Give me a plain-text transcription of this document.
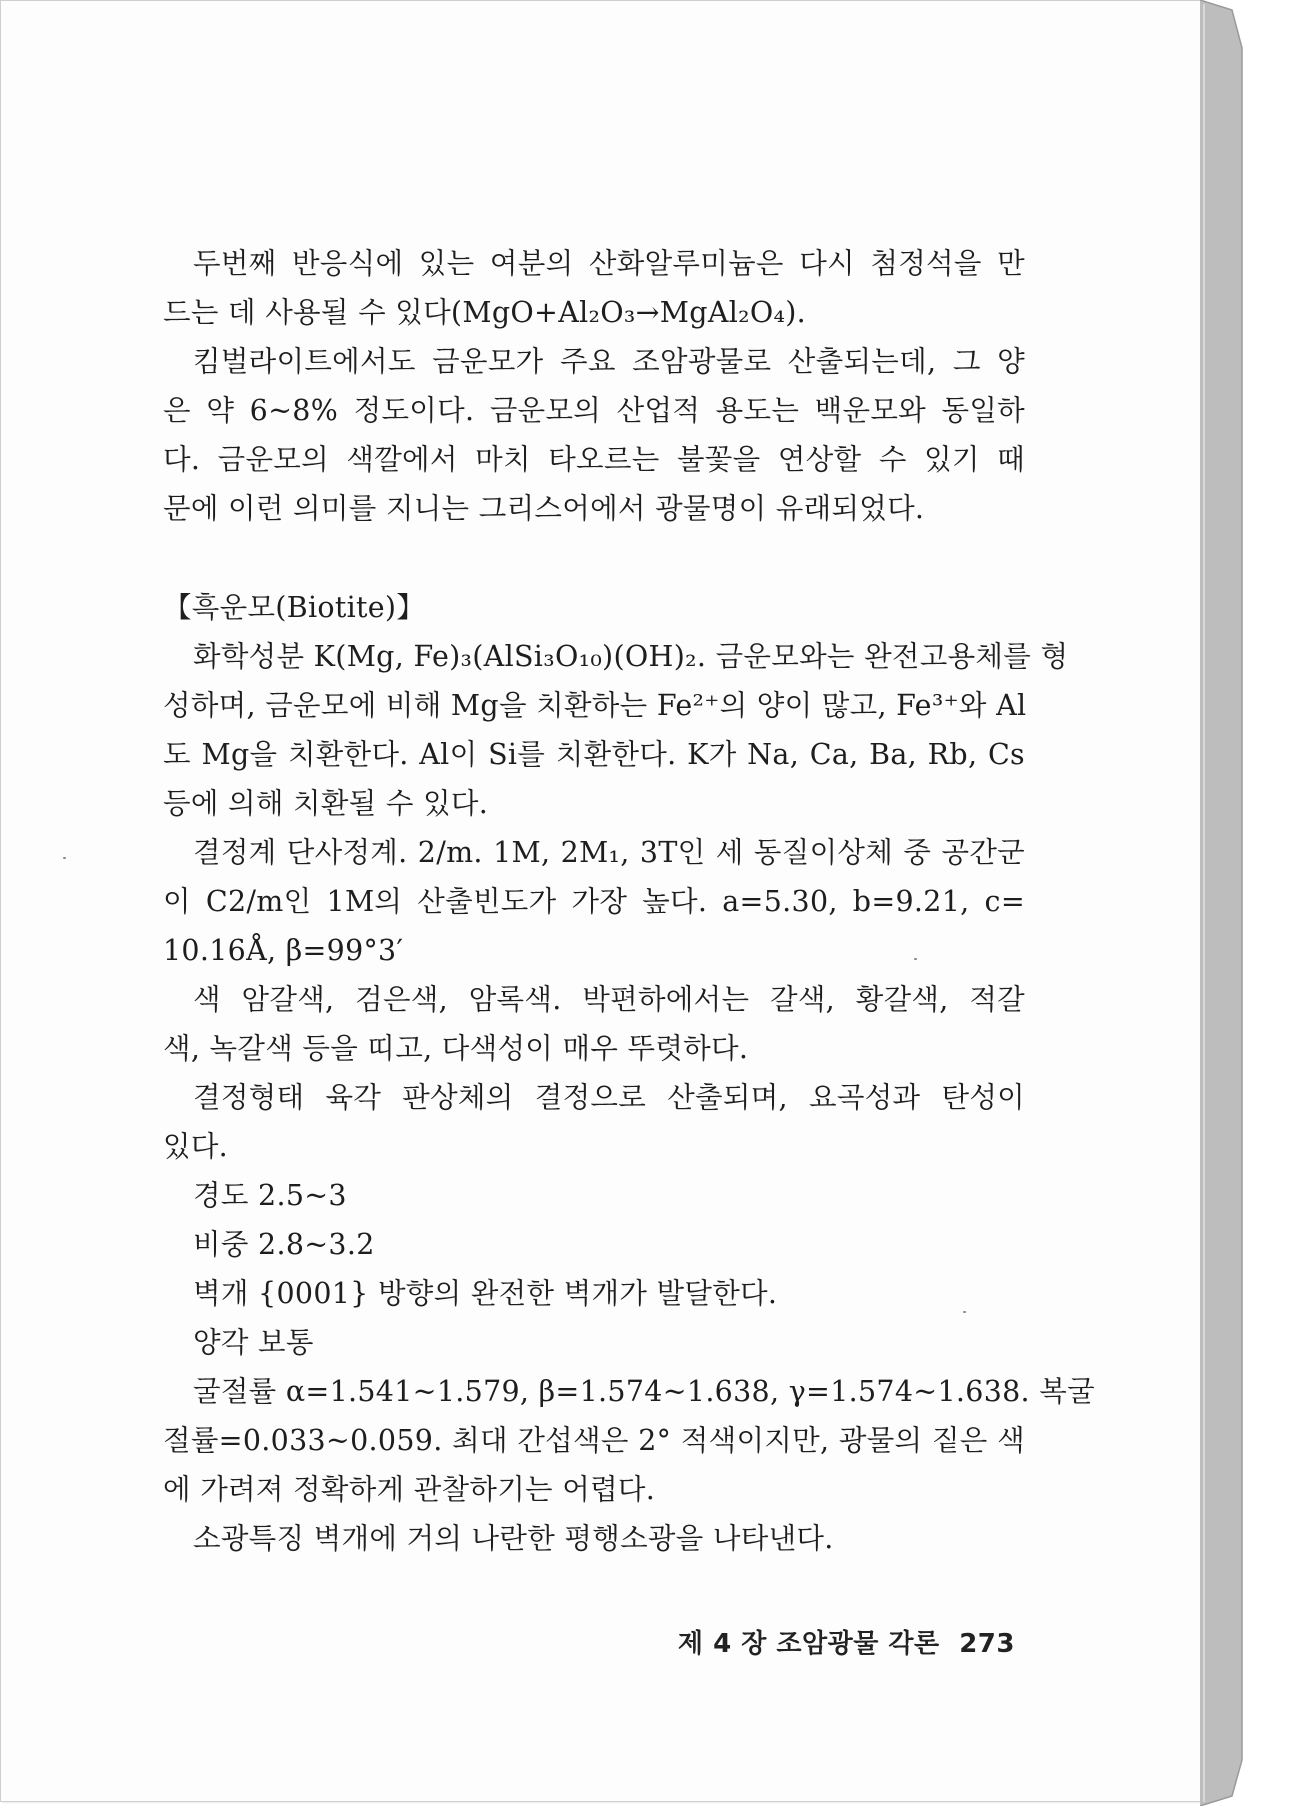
두번째 반응식에 있는 여분의 산화알루미늄은 다시 첨정석을 만
드는 데 사용될 수 있다(MgO+Al₂O₃→MgAl₂O₄).
킴벌라이트에서도 금운모가 주요 조암광물로 산출되는데, 그 양
은 약 6~8% 정도이다. 금운모의 산업적 용도는 백운모와 동일하
다. 금운모의 색깔에서 마치 타오르는 불꽃을 연상할 수 있기 때
문에 이런 의미를 지니는 그리스어에서 광물명이 유래되었다.
【흑운모(Biotite)】
화학성분 K(Mg, Fe)₃(AlSi₃O₁₀)(OH)₂. 금운모와는 완전고용체를 형
성하며, 금운모에 비해 Mg을 치환하는 Fe²⁺의 양이 많고, Fe³⁺와 Al
도 Mg을 치환한다. Al이 Si를 치환한다. K가 Na, Ca, Ba, Rb, Cs
등에 의해 치환될 수 있다.
결정계 단사정계. 2/m. 1M, 2M₁, 3T인 세 동질이상체 중 공간군
이 C2/m인 1M의 산출빈도가 가장 높다. a=5.30, b=9.21, c=
10.16Å, β=99°3′
색 암갈색, 검은색, 암록색. 박편하에서는 갈색, 황갈색, 적갈
색, 녹갈색 등을 띠고, 다색성이 매우 뚜렷하다.
결정형태 육각 판상체의 결정으로 산출되며, 요곡성과 탄성이
있다.
경도 2.5~3
비중 2.8~3.2
벽개 {0001} 방향의 완전한 벽개가 발달한다.
양각 보통
굴절률 α=1.541~1.579, β=1.574~1.638, γ=1.574~1.638. 복굴
절률=0.033~0.059. 최대 간섭색은 2° 적색이지만, 광물의 짙은 색
에 가려져 정확하게 관찰하기는 어렵다.
소광특징 벽개에 거의 나란한 평행소광을 나타낸다.
제 4 장 조암광물 각론 273
